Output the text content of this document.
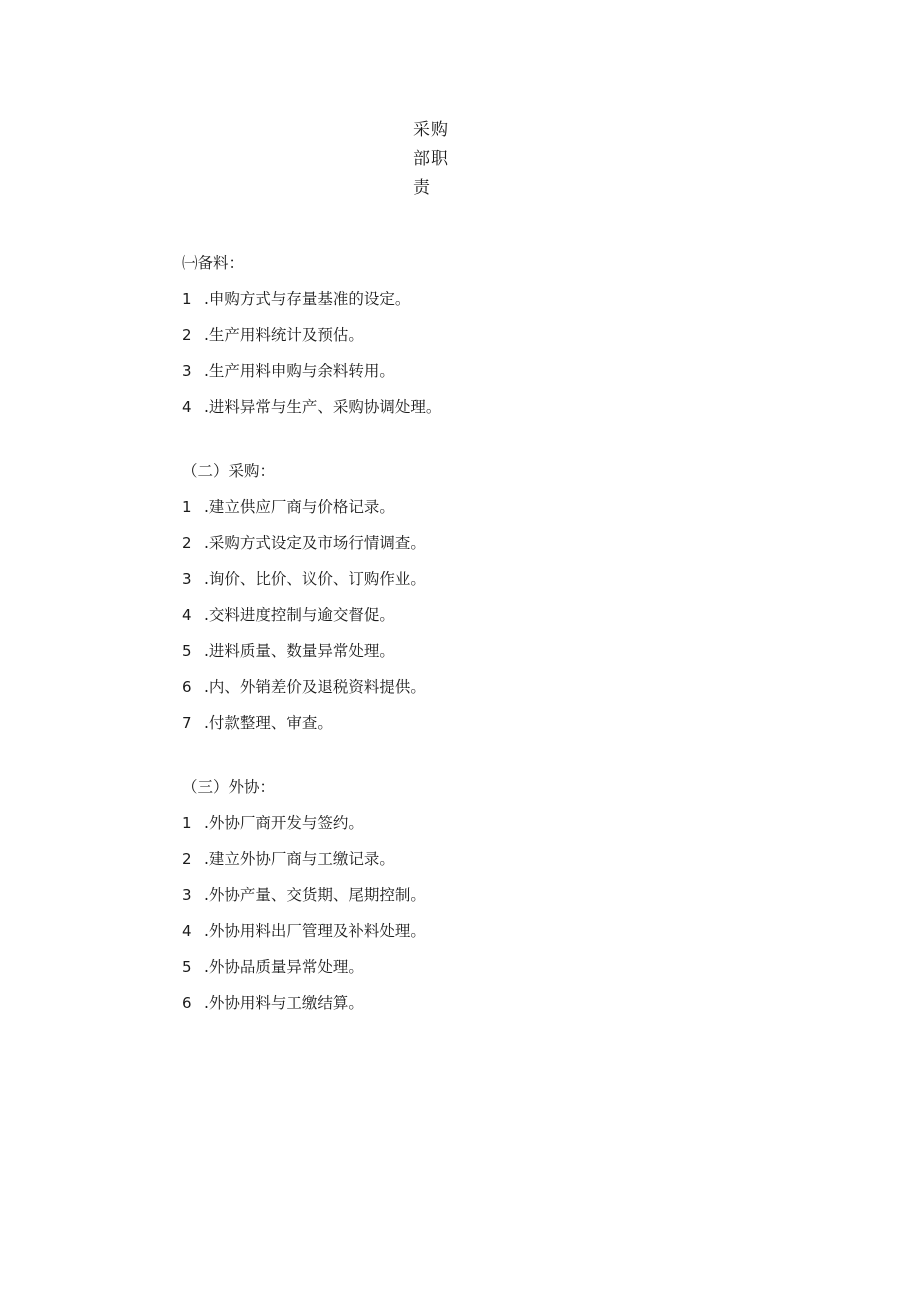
采购
部职
责

㈠备料：

1 .申购方式与存量基准的设定。
2 .生产用料统计及预估。
3 .生产用料申购与余料转用。
4 .进料异常与生产、采购协调处理。

（二）采购：

1 .建立供应厂商与价格记录。
2 .采购方式设定及市场行情调查。
3 .询价、比价、议价、订购作业。
4 .交料进度控制与逾交督促。
5 .进料质量、数量异常处理。
6 .内、外销差价及退税资料提供。
7 .付款整理、审查。

（三）外协：

1 .外协厂商开发与签约。
2 .建立外协厂商与工缴记录。
3 .外协产量、交货期、尾期控制。
4 .外协用料出厂管理及补料处理。
5 .外协品质量异常处理。
6 .外协用料与工缴结算。
